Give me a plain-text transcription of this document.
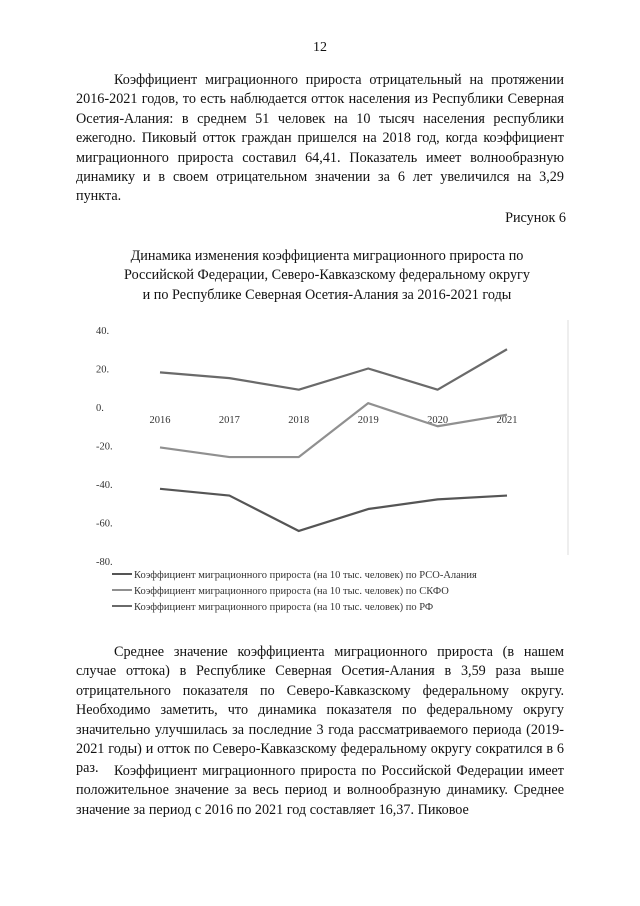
12

Коэффициент миграционного прироста отрицательный на протяжении 2016-2021 годов, то есть наблюдается отток населения из Республики Северная Осетия-Алания: в среднем 51 человек на 10 тысяч населения республики ежегодно. Пиковый отток граждан пришелся на 2018 год, когда коэффициент миграционного прироста составил 64,41. Показатель имеет волнообразную динамику и в своем отрицательном значении за 6 лет увеличился на 3,29 пункта.

Рисунок 6
Динамика изменения коэффициента миграционного прироста по
Российской Федерации, Северо-Кавказскому федеральному округу
и по Республике Северная Осетия-Алания за 2016-2021 годы
40.
20.
0.
-20.
-40.
-60.
-80.
2016	2017	2018	2019	2020	2021
Коэффициент миграционного прироста (на 10 тыс. человек) по РСО-Алания
Коэффициент миграционного прироста (на 10 тыс. человек) по СКФО
Коэффициент миграционного прироста (на 10 тыс. человек) по РФ

Среднее значение коэффициента миграционного прироста (в нашем случае оттока) в Республике Северная Осетия-Алания в 3,59 раза выше отрицательного показателя по Северо-Кавказскому федеральному округу. Необходимо заметить, что динамика показателя по федеральному округу значительно улучшилась за последние 3 года рассматриваемого периода (2019-2021 годы) и отток по Северо-Кавказскому федеральному округу сократился в 6 раз.	Коэффициент миграционного прироста по Российской Федерации имеет положительное значение за весь период и волнообразную динамику. Среднее значение за период с 2016 по 2021 год составляет 16,37. Пиковое
